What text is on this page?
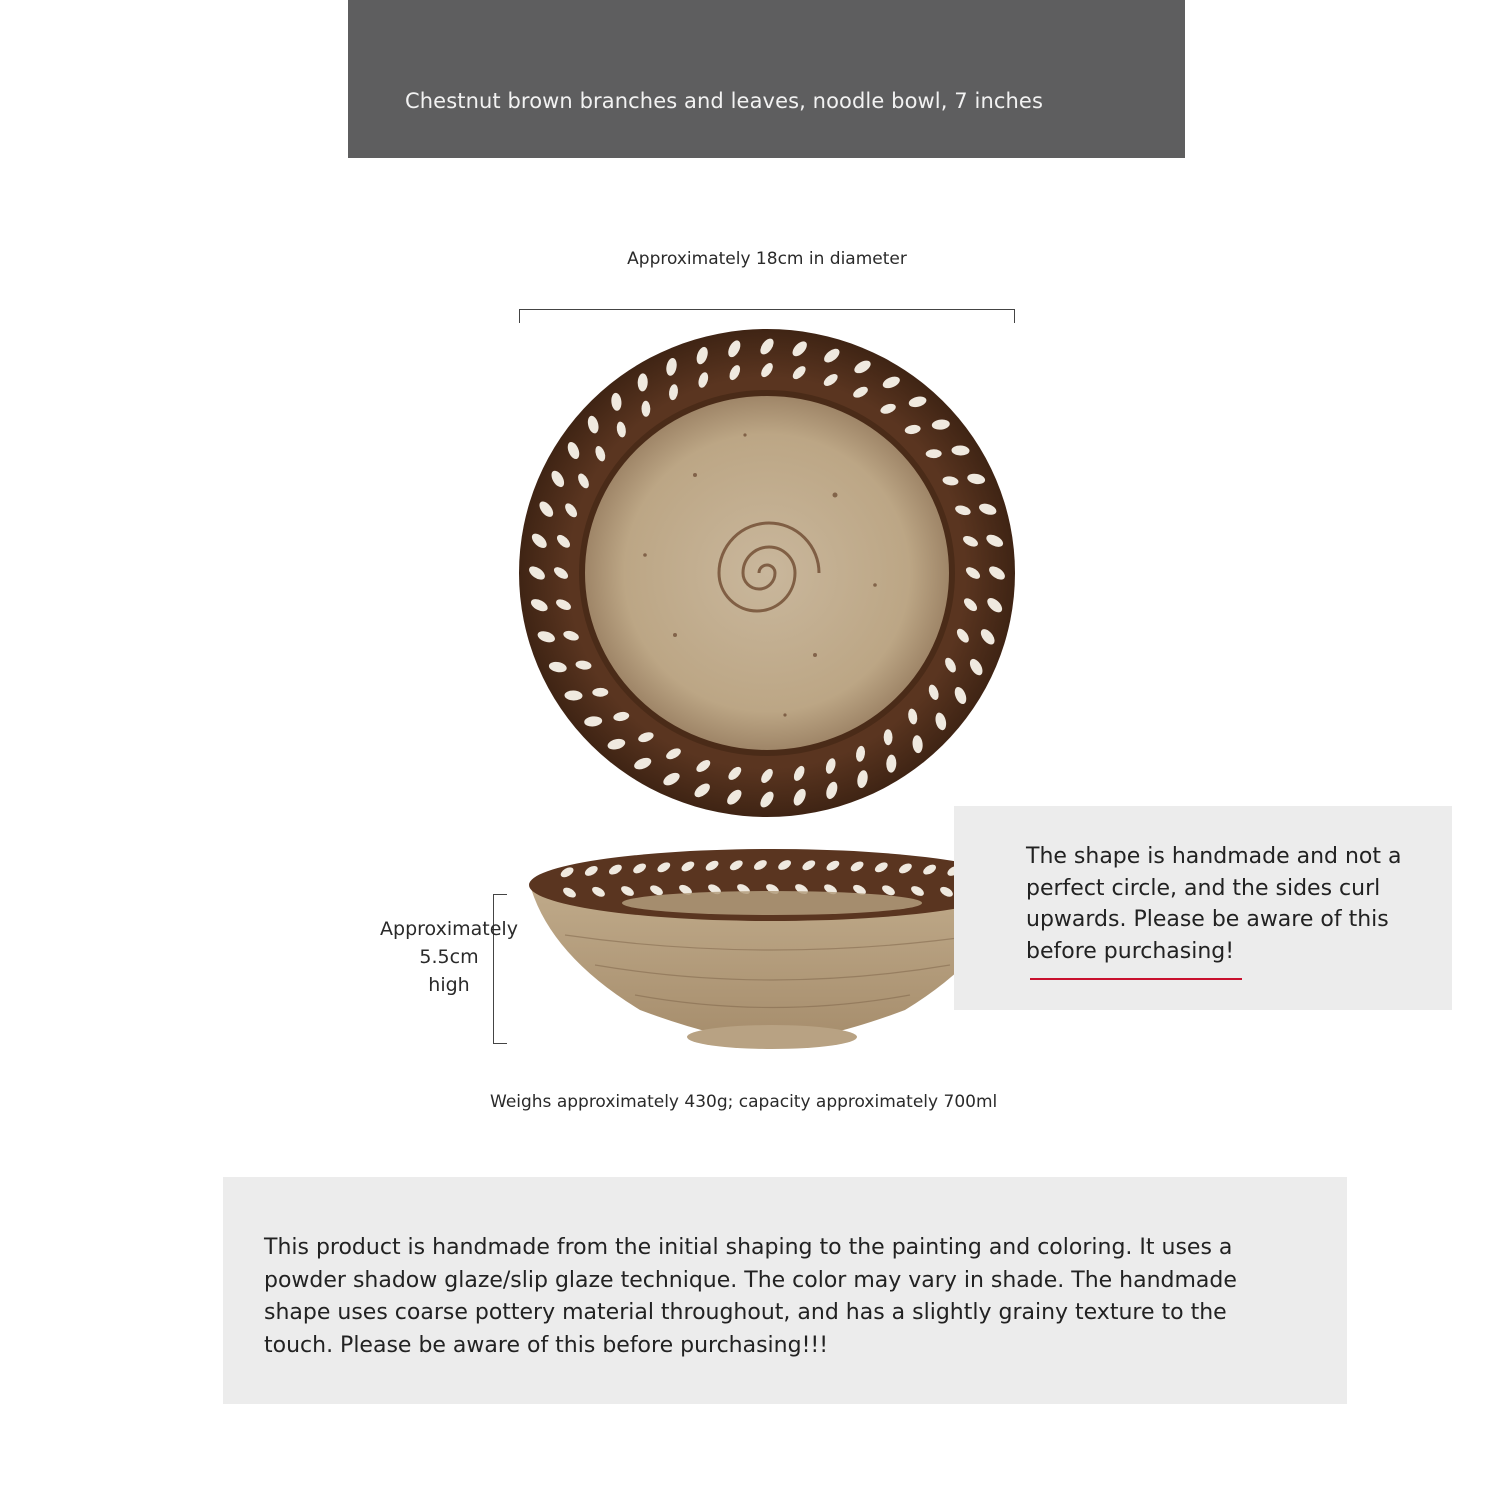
Chestnut brown branches and leaves, noodle bowl, 7 inches
Approximately 18cm in diameter
Approximately
5.5cm
high
The shape is handmade and not a perfect circle, and the sides curl upwards. Please be aware of this before purchasing!
Weighs approximately 430g; capacity approximately 700ml
This product is handmade from the initial shaping to the painting and coloring. It uses a powder shadow glaze/slip glaze technique. The color may vary in shade. The handmade shape uses coarse pottery material throughout, and has a slightly grainy texture to the touch. Please be aware of this before purchasing!!!
